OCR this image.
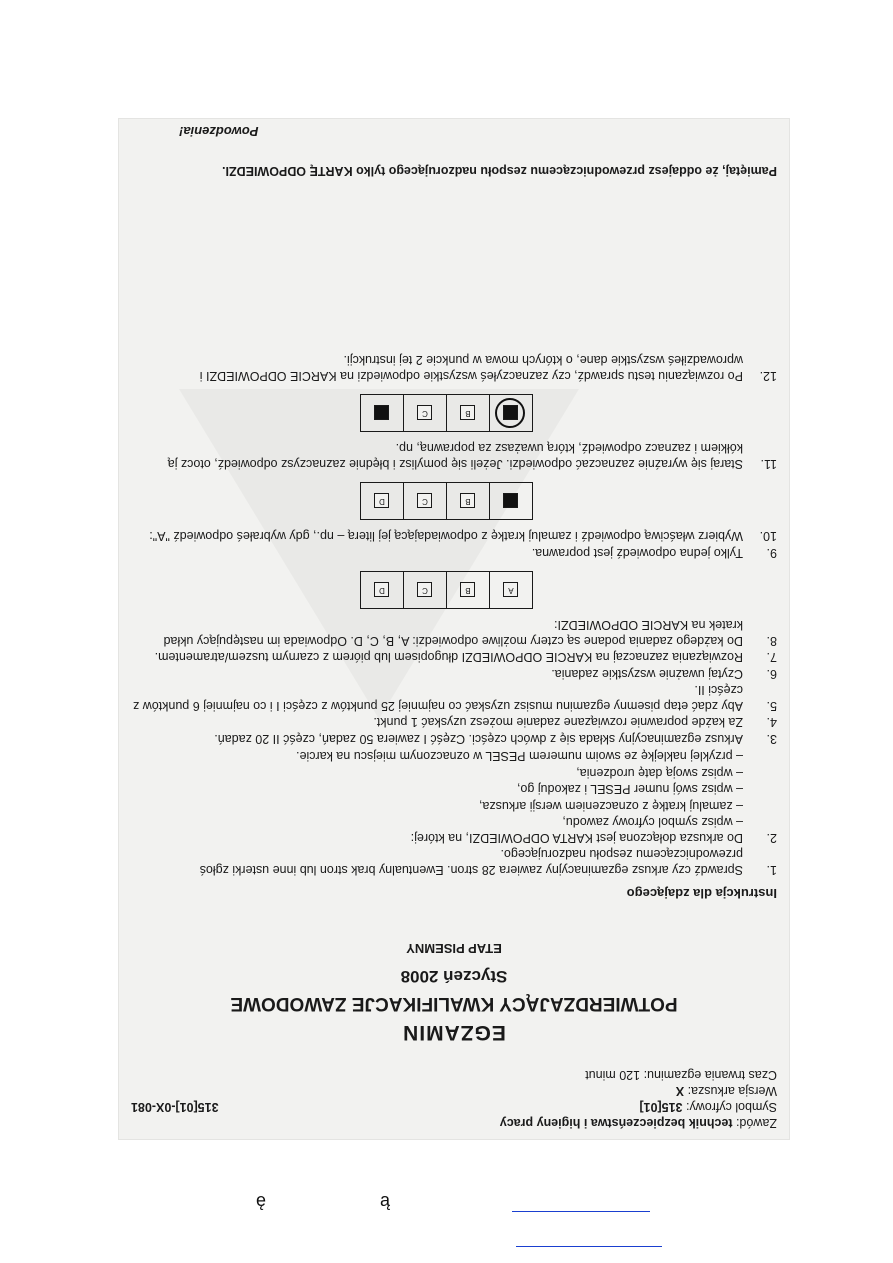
Zawód: technik bezpieczeństwa i higieny pracy
Symbol cyfrowy: 315[01]
315[01]-0X-081
Wersja arkusza: X
Czas trwania egzaminu: 120 minut
EGZAMIN
POTWIERDZAJĄCY KWALIFIKACJE ZAWODOWE
Styczeń 2008
ETAP PISEMNY
Instrukcja dla zdającego
1.
Sprawdź czy arkusz egzaminacyjny zawiera 28 stron. Ewentualny brak stron lub inne usterki zgłoś przewodniczącemu zespołu nadzorującego.
2.
Do arkusza dołączona jest KARTA ODPOWIEDZI, na której:
– wpisz symbol cyfrowy zawodu,
– zamaluj kratkę z oznaczeniem wersji arkusza,
– wpisz swój numer PESEL i zakoduj go,
– wpisz swoją datę urodzenia,
– przyklej naklejkę ze swoim numerem PESEL w oznaczonym miejscu na karcie.
3.
Arkusz egzaminacyjny składa się z dwóch części. Część I zawiera 50 zadań, część II 20 zadań.
4.
Za każde poprawnie rozwiązane zadanie możesz uzyskać 1 punkt.
5.
Aby zdać etap pisemny egzaminu musisz uzyskać co najmniej 25 punktów z części I i co najmniej 6 punktów z części II.
6.
Czytaj uważnie wszystkie zadania.
7.
Rozwiązania zaznaczaj na KARCIE ODPOWIEDZI długopisem lub piórem z czarnym tuszem/atramentem.
8.
Do każdego zadania podane są cztery możliwe odpowiedzi: A, B, C, D. Odpowiada im następujący układ kratek na KARCIE ODPOWIEDZI:
A
B
C
D
9.
Tylko jedna odpowiedź jest poprawna.
10.
Wybierz właściwą odpowiedź i zamaluj kratkę z odpowiadającą jej literą – np., gdy wybrałeś odpowiedź "A":
B
C
D
11.
Staraj się wyraźnie zaznaczać odpowiedzi. Jeżeli się pomylisz i błędnie zaznaczysz odpowiedź, otocz ją kółkiem i zaznacz odpowiedź, którą uważasz za poprawną, np.
B
C
12.
Po rozwiązaniu testu sprawdź, czy zaznaczyłeś wszystkie odpowiedzi na KARCIE ODPOWIEDZI i wprowadziłeś wszystkie dane, o których mowa w punkcie 2 tej instrukcji.
Pamiętaj, że oddajesz przewodniczącemu zespołu nadzorującego tylko KARTĘ ODPOWIEDZI.
Powodzenia!
ę	ą
